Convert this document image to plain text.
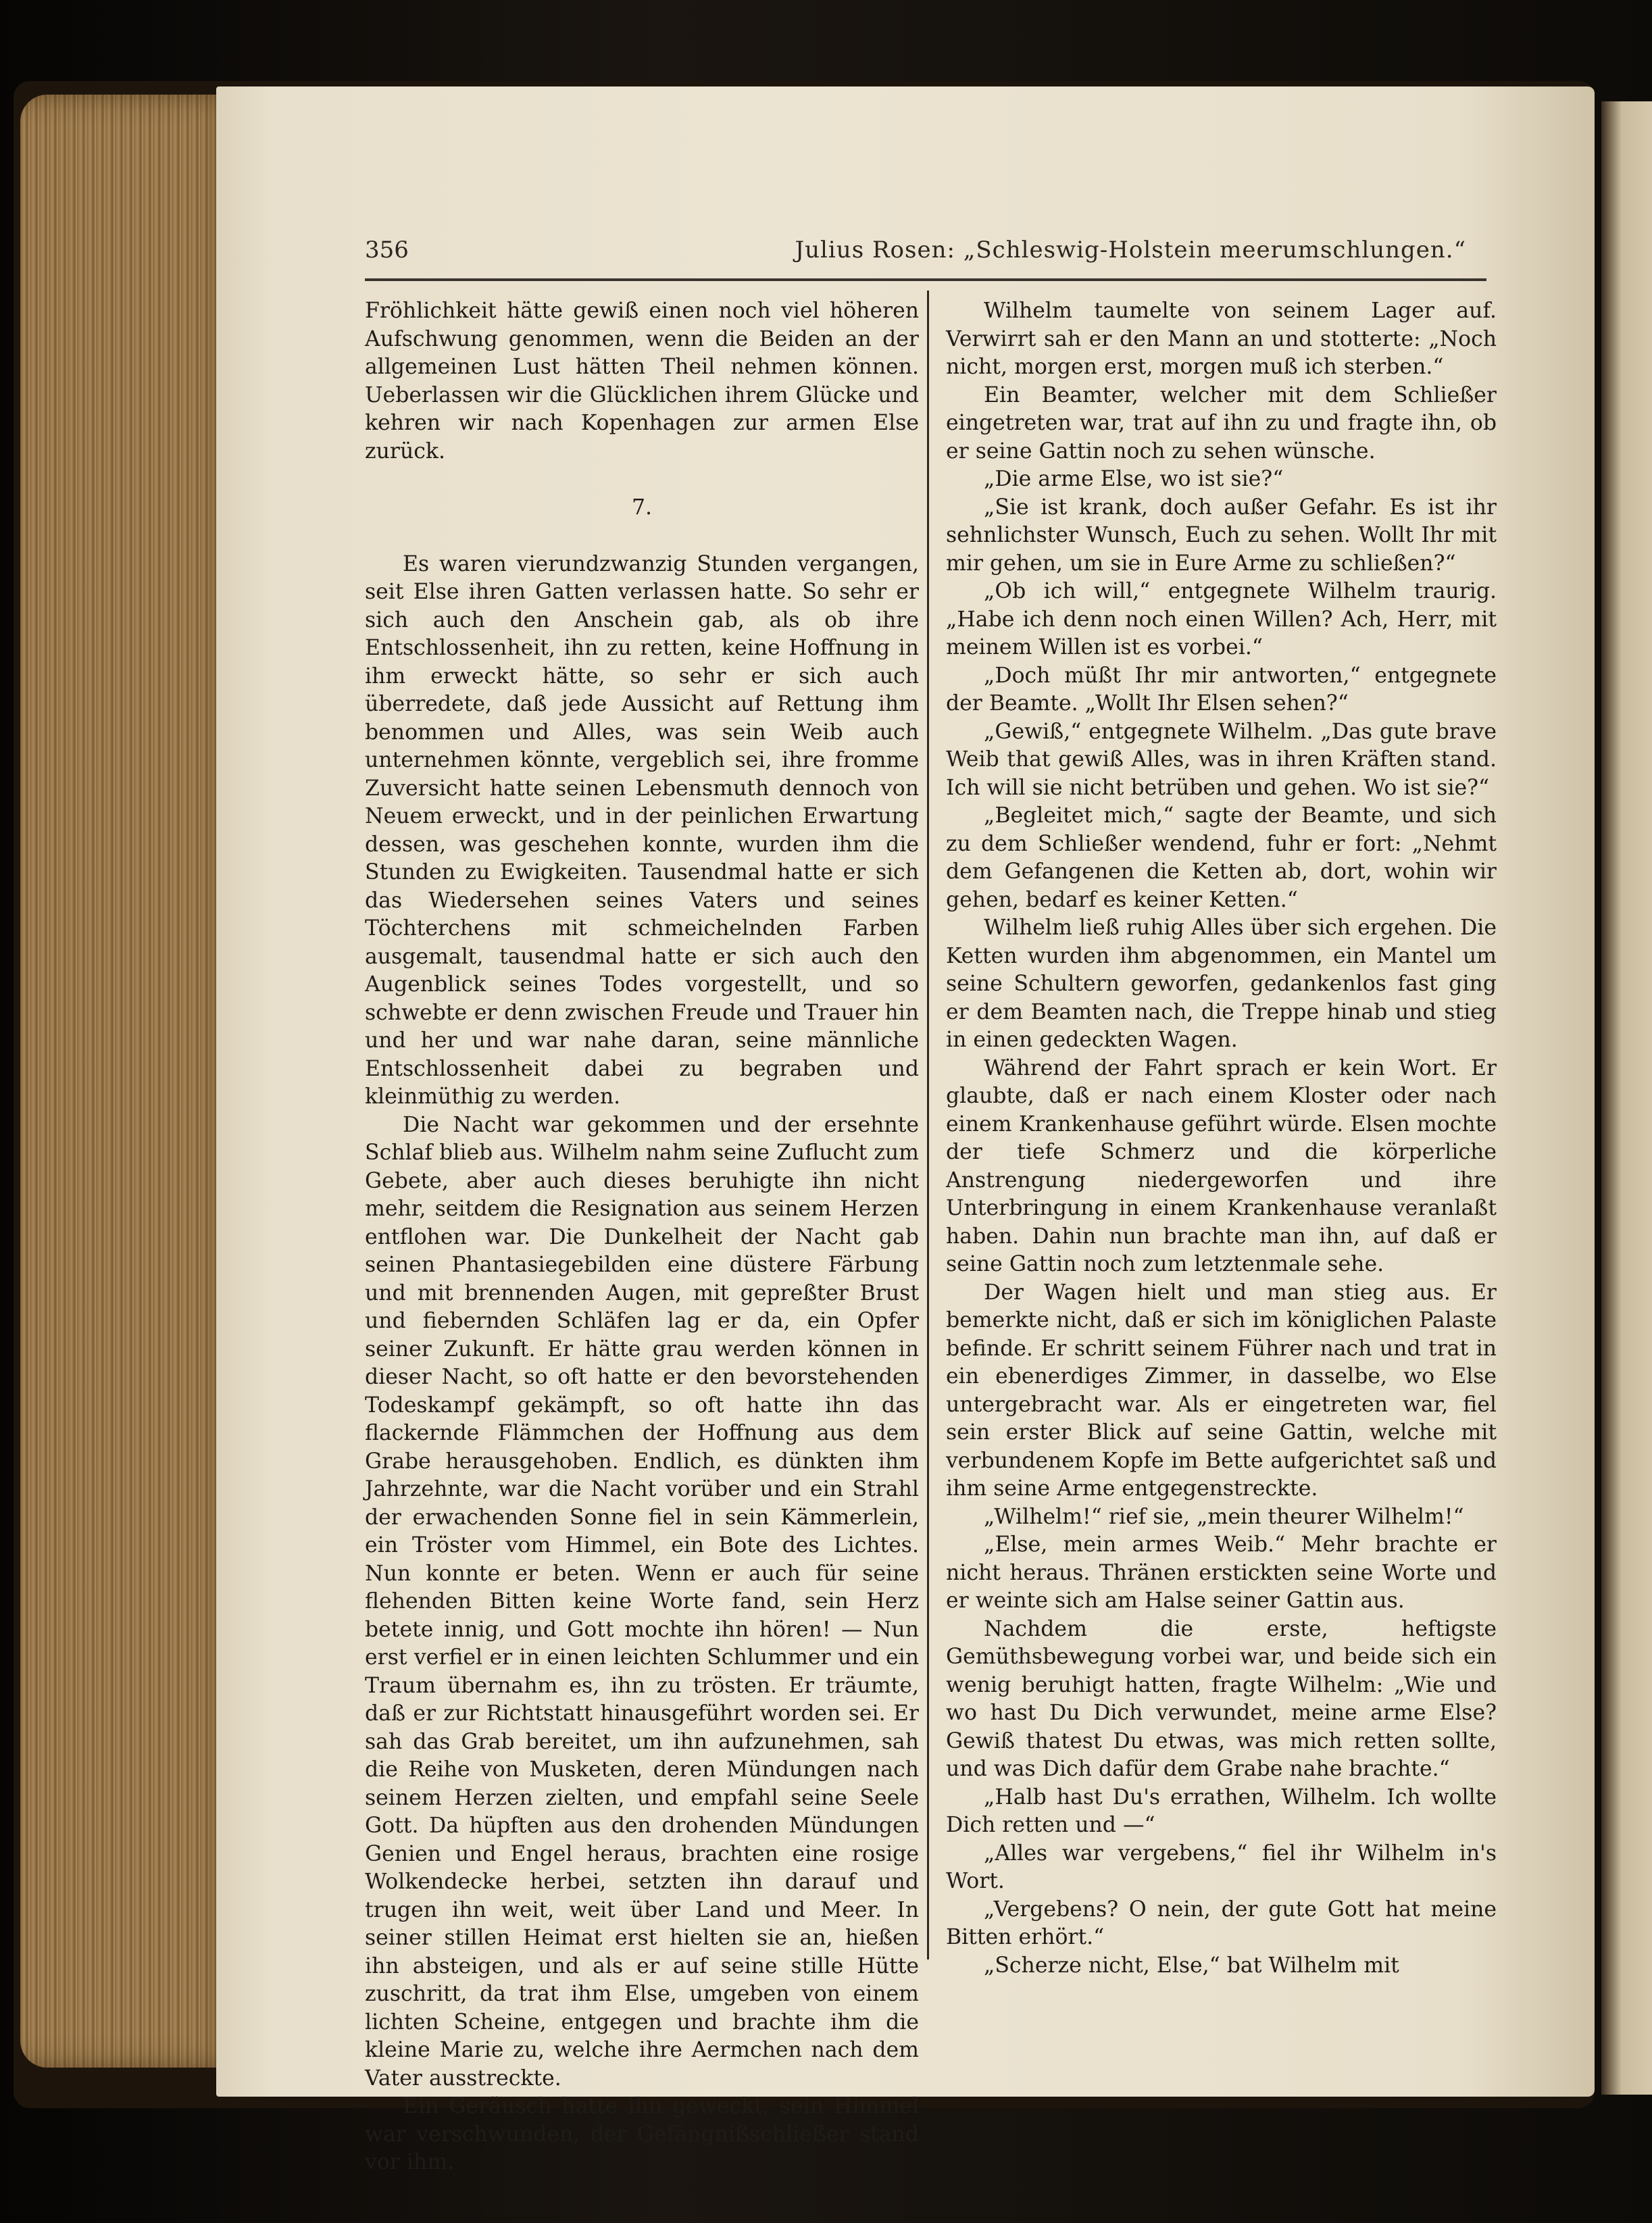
356	Julius Rosen: „Schleswig-Holstein meerumschlungen.“

Fröhlichkeit hätte gewiß einen noch viel höheren Aufschwung genommen, wenn die Beiden an der allgemeinen Lust hätten Theil nehmen können. Ueberlassen wir die Glücklichen ihrem Glücke und kehren wir nach Kopenhagen zur armen Else zurück.

7.

Es waren vierundzwanzig Stunden vergangen, seit Else ihren Gatten verlassen hatte. So sehr er sich auch den Anschein gab, als ob ihre Entschlossenheit, ihn zu retten, keine Hoffnung in ihm erweckt hätte, so sehr er sich auch überredete, daß jede Aussicht auf Rettung ihm benommen und Alles, was sein Weib auch unternehmen könnte, vergeblich sei, ihre fromme Zuversicht hatte seinen Lebensmuth dennoch von Neuem erweckt, und in der peinlichen Erwartung dessen, was geschehen konnte, wurden ihm die Stunden zu Ewigkeiten. Tausendmal hatte er sich das Wiedersehen seines Vaters und seines Töchterchens mit schmeichelnden Farben ausgemalt, tausendmal hatte er sich auch den Augenblick seines Todes vorgestellt, und so schwebte er denn zwischen Freude und Trauer hin und her und war nahe daran, seine männliche Entschlossenheit dabei zu begraben und kleinmüthig zu werden.

Die Nacht war gekommen und der ersehnte Schlaf blieb aus. Wilhelm nahm seine Zuflucht zum Gebete, aber auch dieses beruhigte ihn nicht mehr, seitdem die Resignation aus seinem Herzen entflohen war. Die Dunkelheit der Nacht gab seinen Phantasiegebilden eine düstere Färbung und mit brennenden Augen, mit gepreßter Brust und fiebernden Schläfen lag er da, ein Opfer seiner Zukunft. Er hätte grau werden können in dieser Nacht, so oft hatte er den bevorstehenden Todeskampf gekämpft, so oft hatte ihn das flackernde Flämmchen der Hoffnung aus dem Grabe herausgehoben. Endlich, es dünkten ihm Jahrzehnte, war die Nacht vorüber und ein Strahl der erwachenden Sonne fiel in sein Kämmerlein, ein Tröster vom Himmel, ein Bote des Lichtes. Nun konnte er beten. Wenn er auch für seine flehenden Bitten keine Worte fand, sein Herz betete innig, und Gott mochte ihn hören! — Nun erst verfiel er in einen leichten Schlummer und ein Traum übernahm es, ihn zu trösten. Er träumte, daß er zur Richtstatt hinausgeführt worden sei. Er sah das Grab bereitet, um ihn aufzunehmen, sah die Reihe von Musketen, deren Mündungen nach seinem Herzen zielten, und empfahl seine Seele Gott. Da hüpften aus den drohenden Mündungen Genien und Engel heraus, brachten eine rosige Wolkendecke herbei, setzten ihn darauf und trugen ihn weit, weit über Land und Meer. In seiner stillen Heimat erst hielten sie an, hießen ihn absteigen, und als er auf seine stille Hütte zuschritt, da trat ihm Else, umgeben von einem lichten Scheine, entgegen und brachte ihm die kleine Marie zu, welche ihre Aermchen nach dem Vater ausstreckte.

Ein Geräusch hatte ihn geweckt, sein Himmel war verschwunden, der Gefängnißschließer stand vor ihm.

Wilhelm taumelte von seinem Lager auf. Verwirrt sah er den Mann an und stotterte: „Noch nicht, morgen erst, morgen muß ich sterben.“

Ein Beamter, welcher mit dem Schließer eingetreten war, trat auf ihn zu und fragte ihn, ob er seine Gattin noch zu sehen wünsche.

„Die arme Else, wo ist sie?“

„Sie ist krank, doch außer Gefahr. Es ist ihr sehnlichster Wunsch, Euch zu sehen. Wollt Ihr mit mir gehen, um sie in Eure Arme zu schließen?“

„Ob ich will,“ entgegnete Wilhelm traurig. „Habe ich denn noch einen Willen? Ach, Herr, mit meinem Willen ist es vorbei.“

„Doch müßt Ihr mir antworten,“ entgegnete der Beamte. „Wollt Ihr Elsen sehen?“

„Gewiß,“ entgegnete Wilhelm. „Das gute brave Weib that gewiß Alles, was in ihren Kräften stand. Ich will sie nicht betrüben und gehen. Wo ist sie?“

„Begleitet mich,“ sagte der Beamte, und sich zu dem Schließer wendend, fuhr er fort: „Nehmt dem Gefangenen die Ketten ab, dort, wohin wir gehen, bedarf es keiner Ketten.“

Wilhelm ließ ruhig Alles über sich ergehen. Die Ketten wurden ihm abgenommen, ein Mantel um seine Schultern geworfen, gedankenlos fast ging er dem Beamten nach, die Treppe hinab und stieg in einen gedeckten Wagen.

Während der Fahrt sprach er kein Wort. Er glaubte, daß er nach einem Kloster oder nach einem Krankenhause geführt würde. Elsen mochte der tiefe Schmerz und die körperliche Anstrengung niedergeworfen und ihre Unterbringung in einem Krankenhause veranlaßt haben. Dahin nun brachte man ihn, auf daß er seine Gattin noch zum letztenmale sehe.

Der Wagen hielt und man stieg aus. Er bemerkte nicht, daß er sich im königlichen Palaste befinde. Er schritt seinem Führer nach und trat in ein ebenerdiges Zimmer, in dasselbe, wo Else untergebracht war. Als er eingetreten war, fiel sein erster Blick auf seine Gattin, welche mit verbundenem Kopfe im Bette aufgerichtet saß und ihm seine Arme entgegenstreckte.

„Wilhelm!“ rief sie, „mein theurer Wilhelm!“

„Else, mein armes Weib.“ Mehr brachte er nicht heraus. Thränen erstickten seine Worte und er weinte sich am Halse seiner Gattin aus.

Nachdem die erste, heftigste Gemüthsbewegung vorbei war, und beide sich ein wenig beruhigt hatten, fragte Wilhelm: „Wie und wo hast Du Dich verwundet, meine arme Else? Gewiß thatest Du etwas, was mich retten sollte, und was Dich dafür dem Grabe nahe brachte.“

„Halb hast Du's errathen, Wilhelm. Ich wollte Dich retten und —“

„Alles war vergebens,“ fiel ihr Wilhelm in's Wort.

„Vergebens? O nein, der gute Gott hat meine Bitten erhört.“

„Scherze nicht, Else,“ bat Wilhelm mit
